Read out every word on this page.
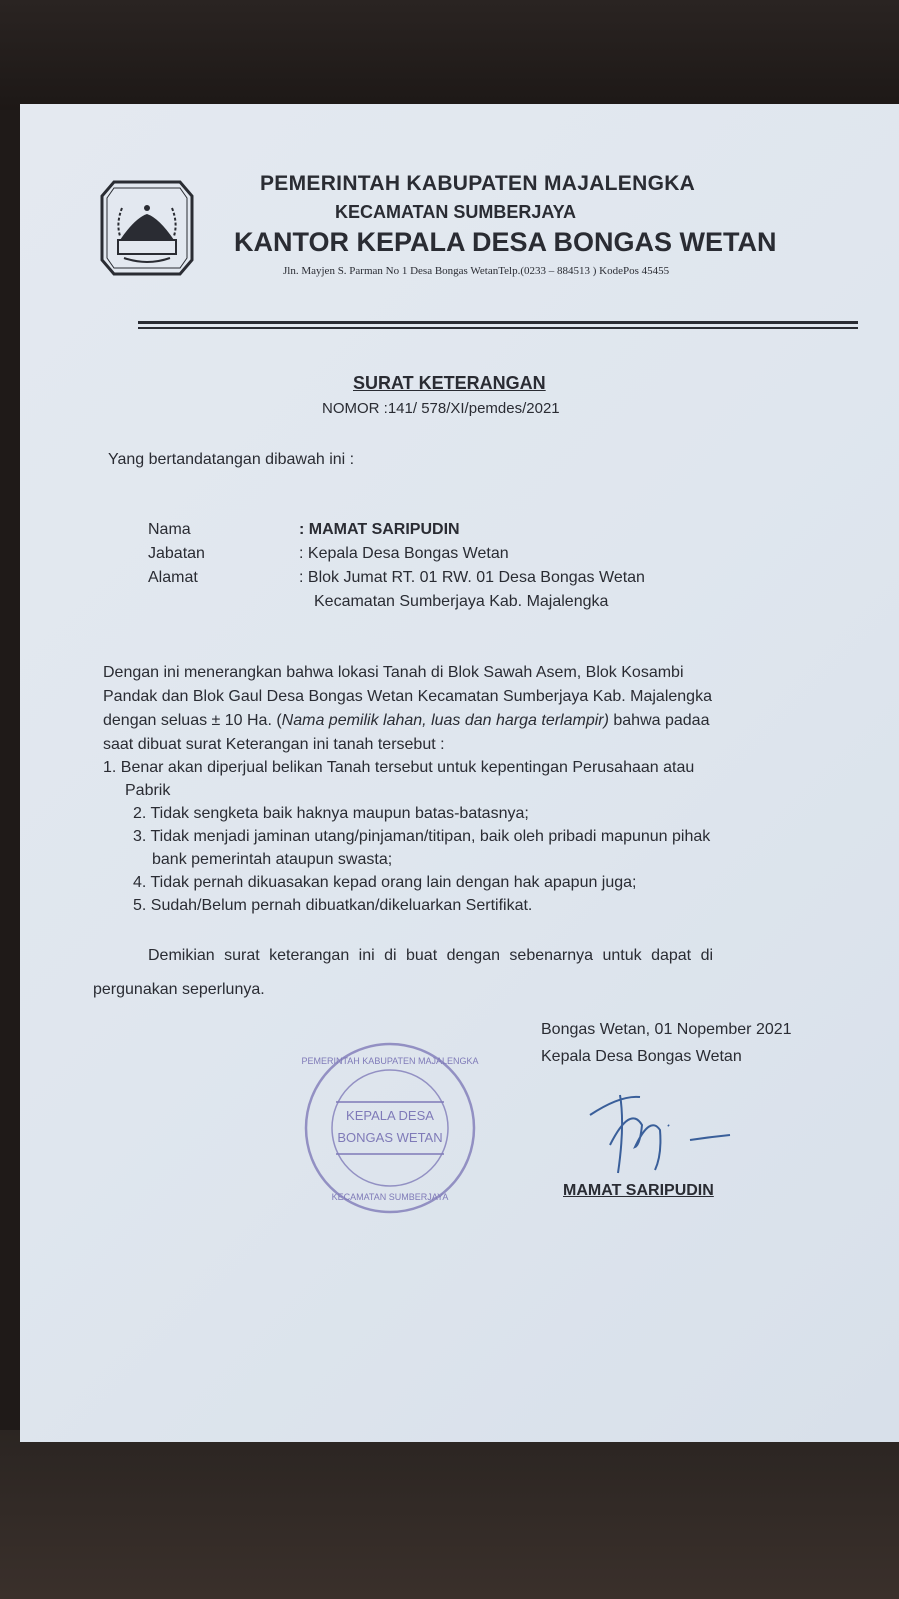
PEMERINTAH KABUPATEN MAJALENGKA
KECAMATAN SUMBERJAYA
KANTOR KEPALA DESA BONGAS WETAN
Jln. Mayjen S. Parman No 1 Desa Bongas WetanTelp.(0233 – 884513 ) KodePos 45455
SURAT KETERANGAN
NOMOR :141/ 578/XI/pemdes/2021
Yang bertandatangan dibawah ini :
Nama	: MAMAT SARIPUDIN
Jabatan	: Kepala Desa Bongas Wetan
Alamat	: Blok Jumat RT. 01 RW. 01 Desa Bongas Wetan
Kecamatan Sumberjaya Kab. Majalengka
Dengan ini menerangkan bahwa lokasi Tanah di Blok Sawah Asem, Blok Kosambi
Pandak dan Blok Gaul Desa Bongas Wetan Kecamatan Sumberjaya Kab. Majalengka
dengan seluas ± 10 Ha. (Nama pemilik lahan, luas dan harga terlampir) bahwa padaa
saat dibuat surat Keterangan ini tanah tersebut :
1. Benar akan diperjual belikan Tanah tersebut untuk kepentingan Perusahaan atau
Pabrik
2. Tidak sengketa baik haknya maupun batas-batasnya;
3. Tidak menjadi jaminan utang/pinjaman/titipan, baik oleh pribadi mapunun pihak
bank pemerintah ataupun swasta;
4. Tidak pernah dikuasakan kepad orang lain dengan hak apapun juga;
5. Sudah/Belum pernah dibuatkan/dikeluarkan Sertifikat.
Demikian surat keterangan ini di buat dengan sebenarnya untuk dapat di
pergunakan seperlunya.
Bongas Wetan, 01 Nopember 2021
Kepala Desa Bongas Wetan
PEMERINTAH KABUPATEN MAJALENGKA
KEPALA DESA
BONGAS WETAN
KECAMATAN SUMBERJAYA	MAMAT SARIPUDIN
